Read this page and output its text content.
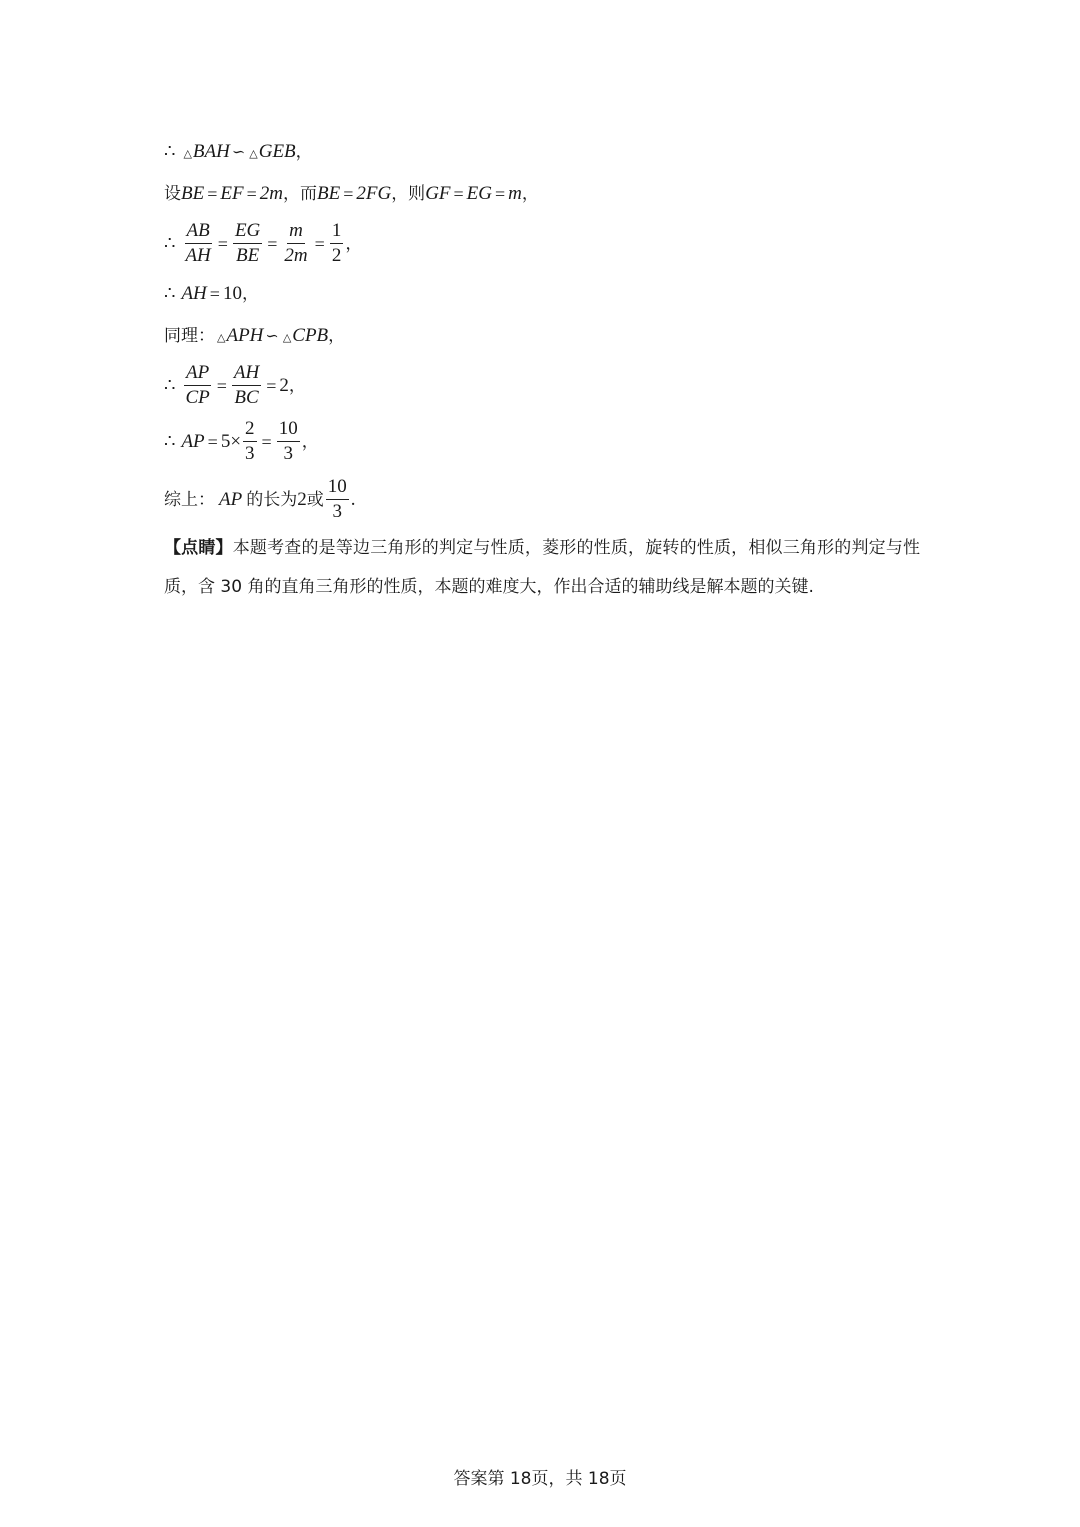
∴ △ BAH ∽ △ GEB ，
设 BE = EF = 2m ，而 BE = 2FG ，则 GF = EG = m ，
∴ $\frac{AB}{AH} = \frac{EG}{BE} = \frac{m}{2m} = \frac{1}{2}$ ，
∴ AH = 10 ，
同理： △ APH ∽ △ CPB ，
∴ $\frac{AP}{CP} = \frac{AH}{BC} = 2$ ，
∴ AP = $5\times \frac{2}{3} = \frac{10}{3}$ ，
综上： AP 的长为 2 或 $\frac{10}{3}$ .
【点睛】本题考查的是等边三角形的判定与性质，菱形的性质，旋转的性质，相似三角形的判定与性质，含 30 角的直角三角形的性质，本题的难度大，作出合适的辅助线是解本题的关键.
答案第 18页，共 18页
